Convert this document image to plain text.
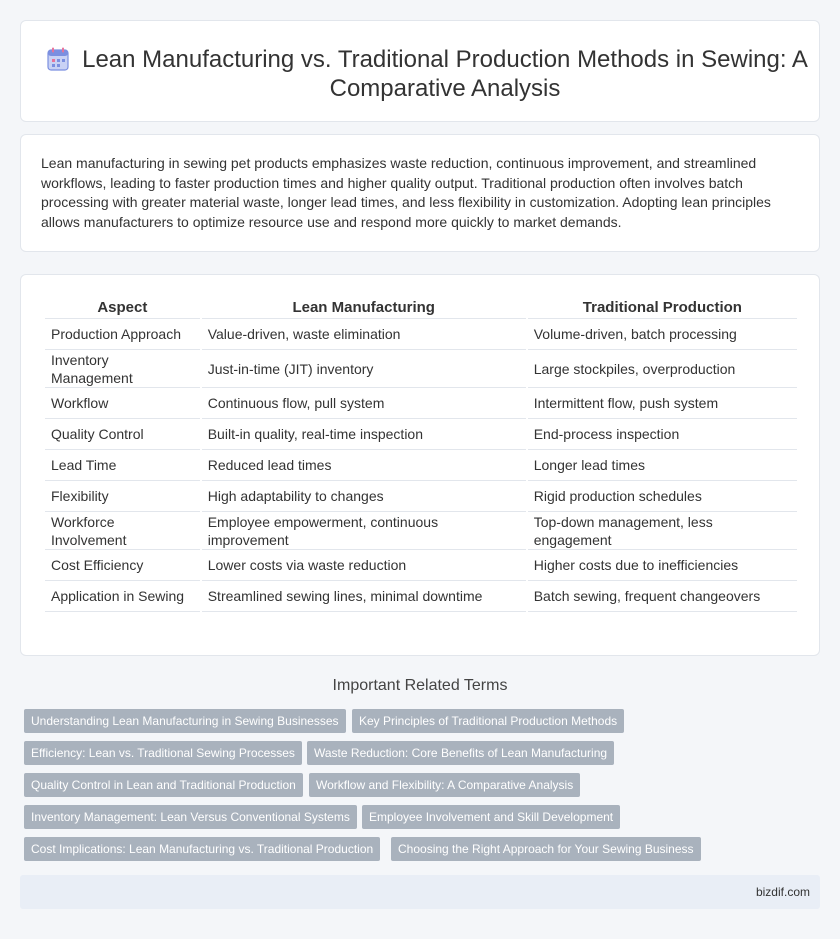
Lean Manufacturing vs. Traditional Production Methods in Sewing: A Comparative Analysis

Lean manufacturing in sewing pet products emphasizes waste reduction, continuous improvement, and streamlined workflows, leading to faster production times and higher quality output. Traditional production often involves batch processing with greater material waste, longer lead times, and less flexibility in customization. Adopting lean principles allows manufacturers to optimize resource use and respond more quickly to market demands.

Aspect	Lean Manufacturing	Traditional Production
Production Approach	Value-driven, waste elimination	Volume-driven, batch processing
Inventory Management	Just-in-time (JIT) inventory	Large stockpiles, overproduction
Workflow	Continuous flow, pull system	Intermittent flow, push system
Quality Control	Built-in quality, real-time inspection	End-process inspection
Lead Time	Reduced lead times	Longer lead times
Flexibility	High adaptability to changes	Rigid production schedules
Workforce Involvement	Employee empowerment, continuous improvement	Top-down management, less engagement
Cost Efficiency	Lower costs via waste reduction	Higher costs due to inefficiencies
Application in Sewing	Streamlined sewing lines, minimal downtime	Batch sewing, frequent changeovers
Important Related Terms
Understanding Lean Manufacturing in Sewing Businesses	Key Principles of Traditional Production Methods
Efficiency: Lean vs. Traditional Sewing Processes	Waste Reduction: Core Benefits of Lean Manufacturing
Quality Control in Lean and Traditional Production	Workflow and Flexibility: A Comparative Analysis
Inventory Management: Lean Versus Conventional Systems	Employee Involvement and Skill Development
Cost Implications: Lean Manufacturing vs. Traditional Production	Choosing the Right Approach for Your Sewing Business
bizdif.com
